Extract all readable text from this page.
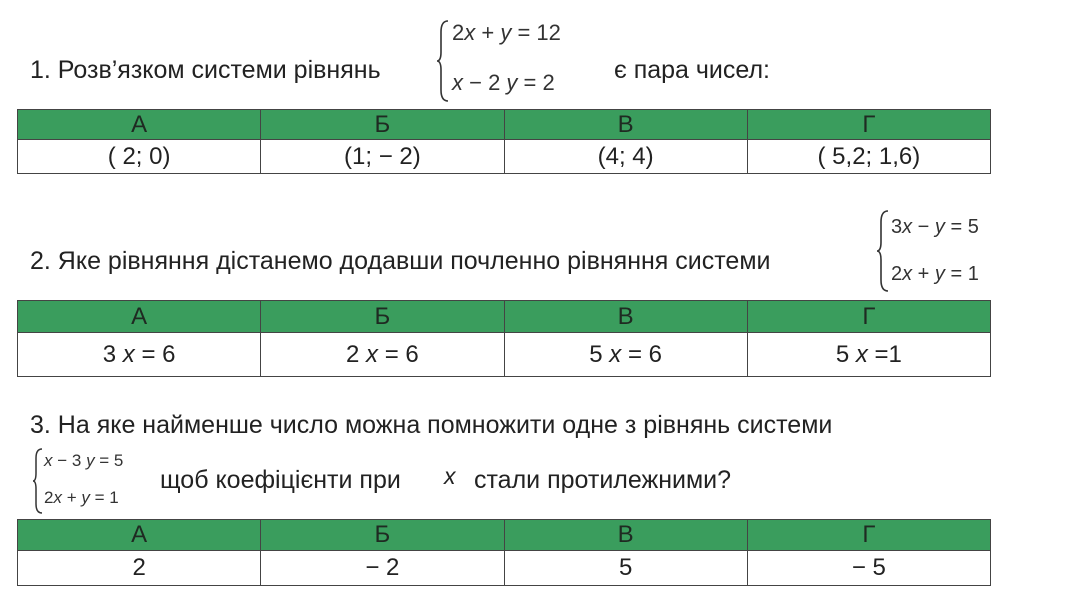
1. Розв’язком системи рівнянь
2x + y = 12
x − 2 y = 2 є пара чисел:
А	Б	В	Г
( 2; 0)	(1; − 2)	(4; 4)	( 5,2; 1,6)
2. Яке рівняння дістанемо додавши почленно рівняння системи
3x − y = 5
2x + y = 1
А	Б	В	Г
3 x = 6	2 x = 6	5 x = 6	5 x =1
3. На яке найменше число можна помножити одне з рівнянь системи
x − 3 y = 5
2x + y = 1
щоб коефіцієнти при x стали протилежними?
А	Б	В	Г
2	− 2	5	− 5
